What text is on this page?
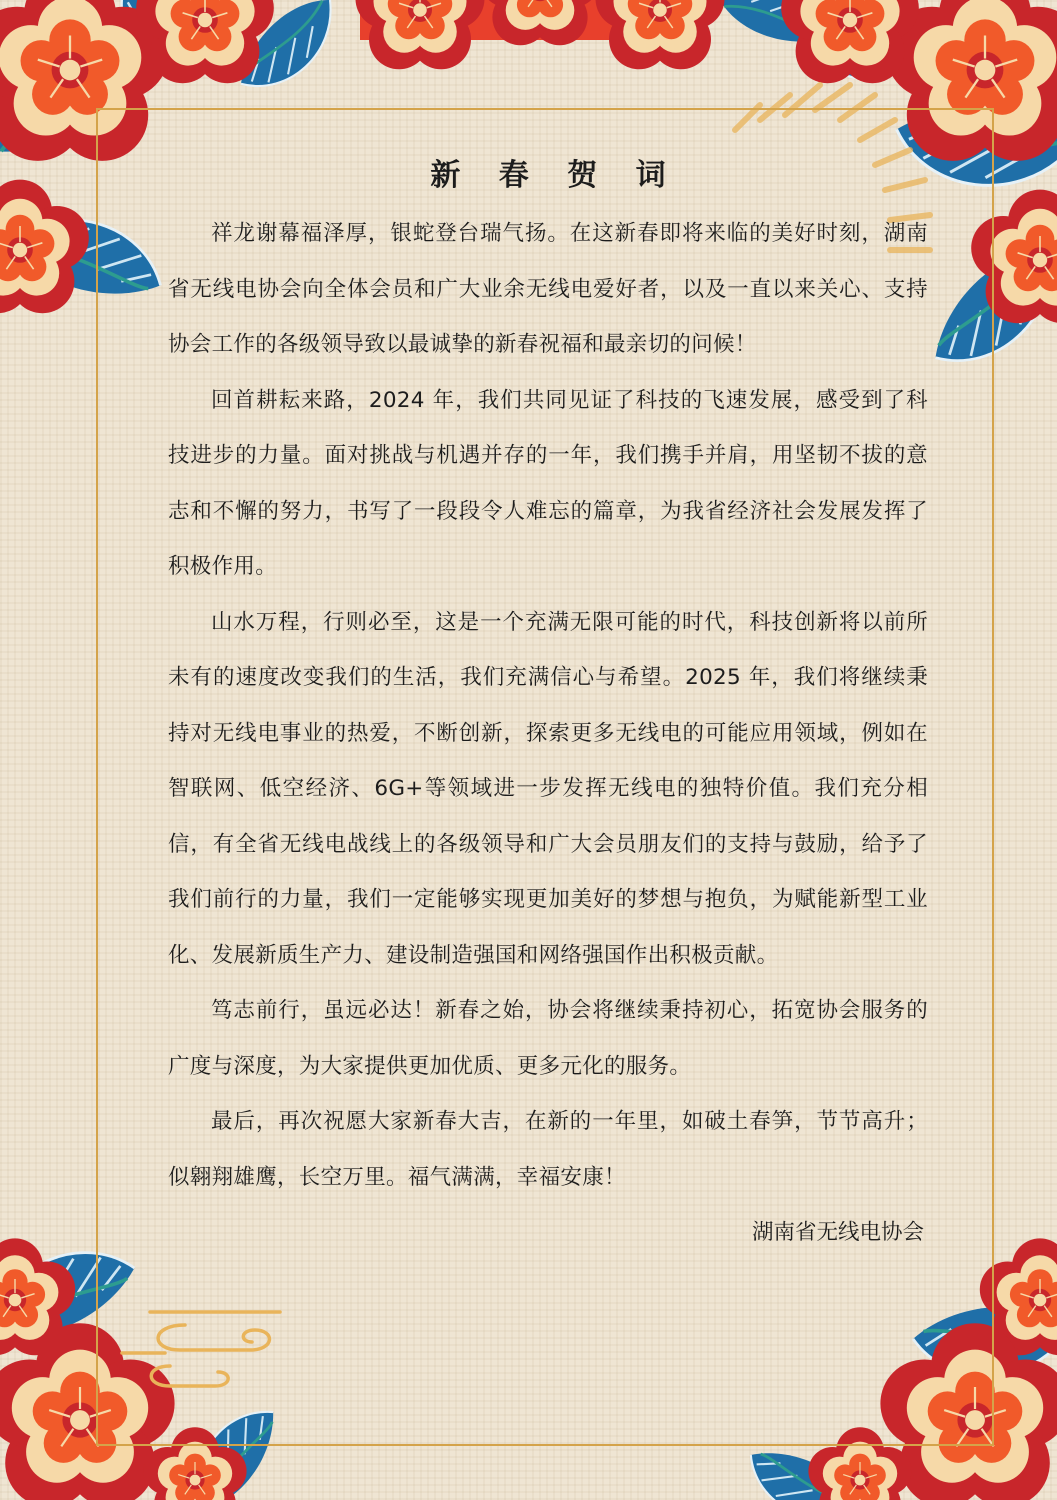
新 春 贺 词

祥龙谢幕福泽厚，银蛇登台瑞气扬。在这新春即将来临的美好时刻，湖南省无线电协会向全体会员和广大业余无线电爱好者，以及一直以来关心、支持协会工作的各级领导致以最诚挚的新春祝福和最亲切的问候！

回首耕耘来路，2024 年，我们共同见证了科技的飞速发展，感受到了科技进步的力量。面对挑战与机遇并存的一年，我们携手并肩，用坚韧不拔的意志和不懈的努力，书写了一段段令人难忘的篇章，为我省经济社会发展发挥了积极作用。

山水万程，行则必至，这是一个充满无限可能的时代，科技创新将以前所未有的速度改变我们的生活，我们充满信心与希望。2025 年，我们将继续秉持对无线电事业的热爱，不断创新，探索更多无线电的可能应用领域，例如在智联网、低空经济、6G+等领域进一步发挥无线电的独特价值。我们充分相信，有全省无线电战线上的各级领导和广大会员朋友们的支持与鼓励，给予了我们前行的力量，我们一定能够实现更加美好的梦想与抱负，为赋能新型工业化、发展新质生产力、建设制造强国和网络强国作出积极贡献。

笃志前行，虽远必达！新春之始，协会将继续秉持初心，拓宽协会服务的广度与深度，为大家提供更加优质、更多元化的服务。

最后，再次祝愿大家新春大吉，在新的一年里，如破土春笋，节节高升；似翱翔雄鹰，长空万里。福气满满，幸福安康！

湖南省无线电协会
